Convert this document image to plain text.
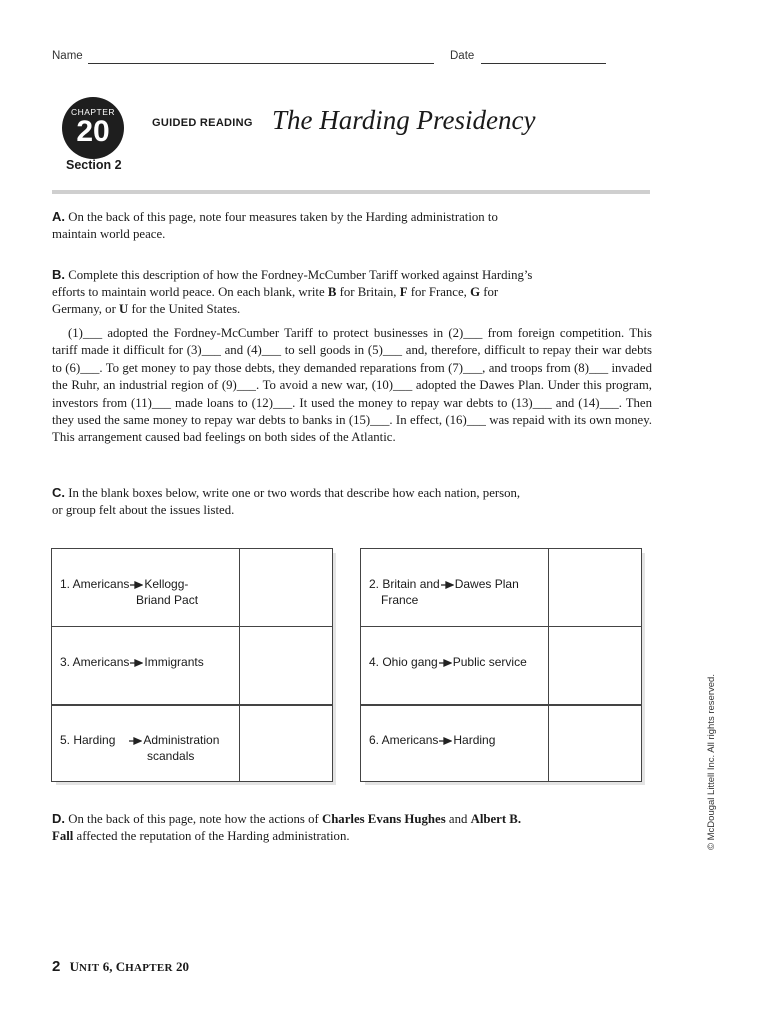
Name	Date
CHAPTER
20
Section 2
GUIDED READING The Harding Presidency
A. On the back of this page, note four measures taken by the Harding administration to maintain world peace.
B. Complete this description of how the Fordney-McCumber Tariff worked against Harding’s efforts to maintain world peace. On each blank, write B for Britain, F for France, G for Germany, or U for the United States.
(1)___ adopted the Fordney-McCumber Tariff to protect businesses in (2)___ from foreign competition. This tariff made it difficult for (3)___ and (4)___ to sell goods in (5)___ and, therefore, difficult to repay their war debts to (6)___. To get money to pay those debts, they demanded reparations from (7)___, and troops from (8)___ invaded the Ruhr, an industrial region of (9)___. To avoid a new war, (10)___ adopted the Dawes Plan. Under this program, investors from (11)___ made loans to (12)___. It used the money to repay war debts to (13)___ and (14)___. Then they used the same money to repay war debts to banks in (15)___. In effect, (16)___ was repaid with its own money. This arrangement caused bad feelings on both sides of the Atlantic.
C. In the blank boxes below, write one or two words that describe how each nation, person, or group felt about the issues listed.
1. Americans Kellogg-
Briand Pact
3. Americans Immigrants
5. Harding Administration
scandals
2. Britain and Dawes Plan
France
4. Ohio gang Public service
6. Americans Harding
D. On the back of this page, note how the actions of Charles Evans Hughes and Albert B. Fall affected the reputation of the Harding administration.	© McDougal Littell Inc. All rights reserved.
2 UNIT 6, CHAPTER 20
